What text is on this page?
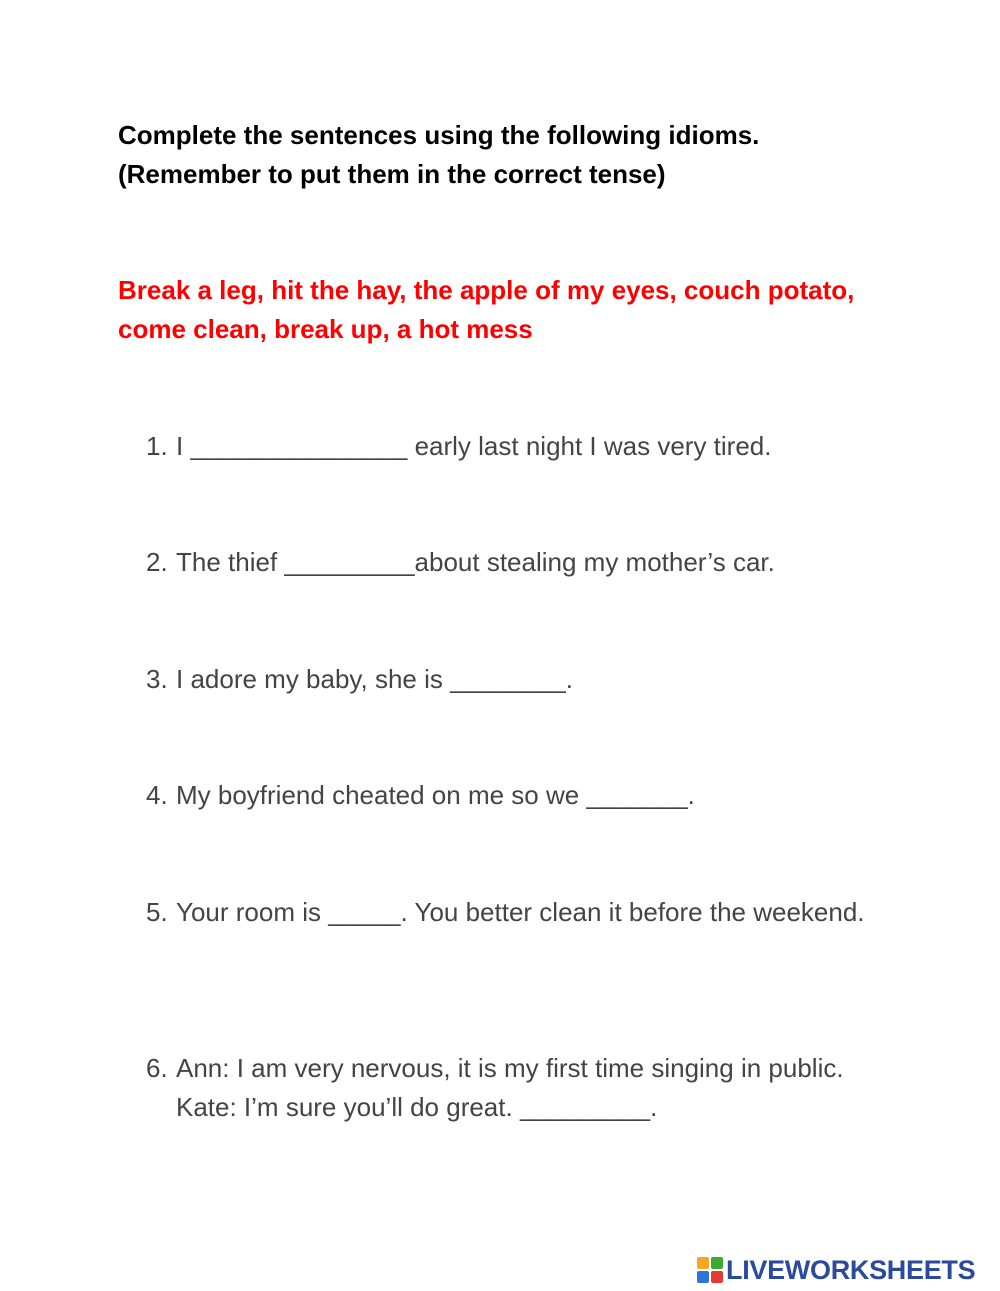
Complete the sentences using the following idioms.(Remember to put them in the correct tense)

Break a leg, hit the hay, the apple of my eyes, couch potato, come clean, break up, a hot mess

1. I _______________ early last night I was very tired.
2. The thief _________about stealing my mother’s car.
3. I adore my baby, she is ________.
4. My boyfriend cheated on me so we _______.
5. Your room is _____. You better clean it before the weekend.
6. Ann: I am very nervous, it is my first time singing in public. Kate: I’m sure you’ll do great. _________.
LIVEWORKSHEETS
